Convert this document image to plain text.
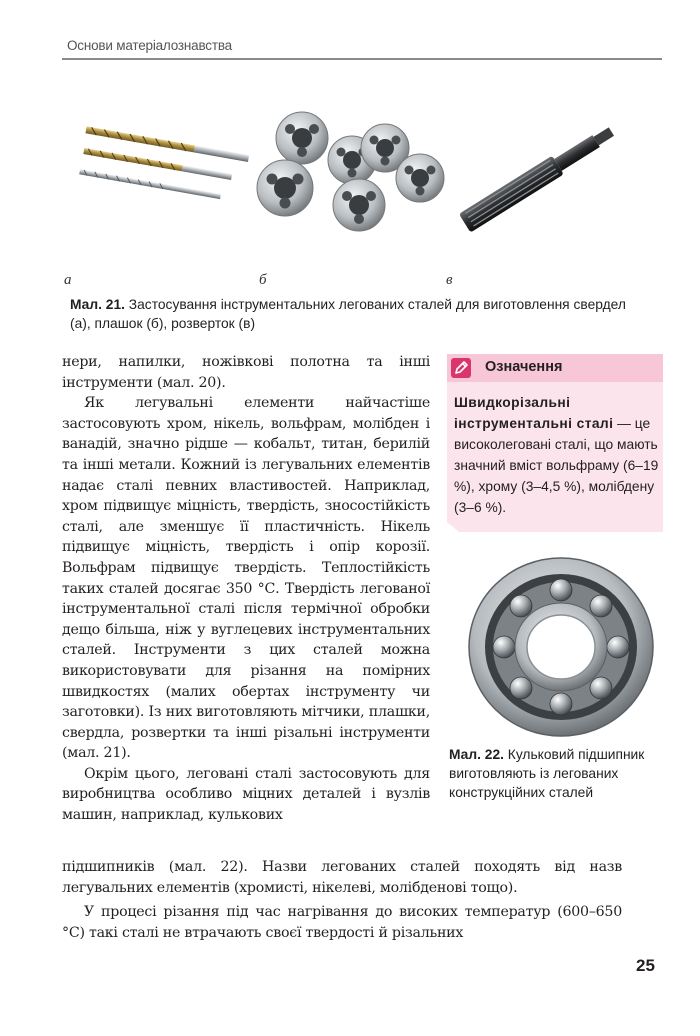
Основи матеріалознавства
а	б	в
Мал. 21. Застосування інструментальних легованих сталей для виготовлення свердел (а), плашок (б), розверток (в)

нери, напилки, ножівкові полотна та інші інструменти (мал. 20).

Як легувальні елементи найчастіше застосовують хром, нікель, вольфрам, молібден і ванадій, значно рідше — кобальт, титан, берилій та інші метали. Кожний із легувальних елементів надає сталі певних властивостей. Наприклад, хром підвищує міцність, твердість, зносостійкість сталі, але зменшує її пластичність. Нікель підвищує міцність, твердість і опір корозії. Вольфрам підвищує твердість. Теплостійкість таких сталей досягає 350 °С. Твердість легованої інструментальної сталі після термічної обробки дещо більша, ніж у вуглецевих інструментальних сталей. Інструменти з цих сталей можна використовувати для різання на помірних швидкостях (малих обертах інструменту чи заготовки). Із них виготовляють мітчики, плашки, свердла, розвертки та інші різальні інструменти (мал. 21).

Окрім цього, леговані сталі застосовують для виробництва особливо міцних деталей і вузлів машин, наприклад, кулькових

підшипників (мал. 22). Назви легованих сталей походять від назв легувальних елементів (хромисті, нікелеві, молібденові тощо).

У процесі різання під час нагрівання до високих температур (600–650 °С) такі сталі не втрачають своєї твердості й різальних

Означення
Швидкорізальні інструментальні сталі — це високолеговані сталі, що мають значний вміст вольфраму (6–19 %), хрому (3–4,5 %), молібдену (3–6 %).
Мал. 22. Кульковий підшипник виготовляють із легованих конструкційних сталей
25
